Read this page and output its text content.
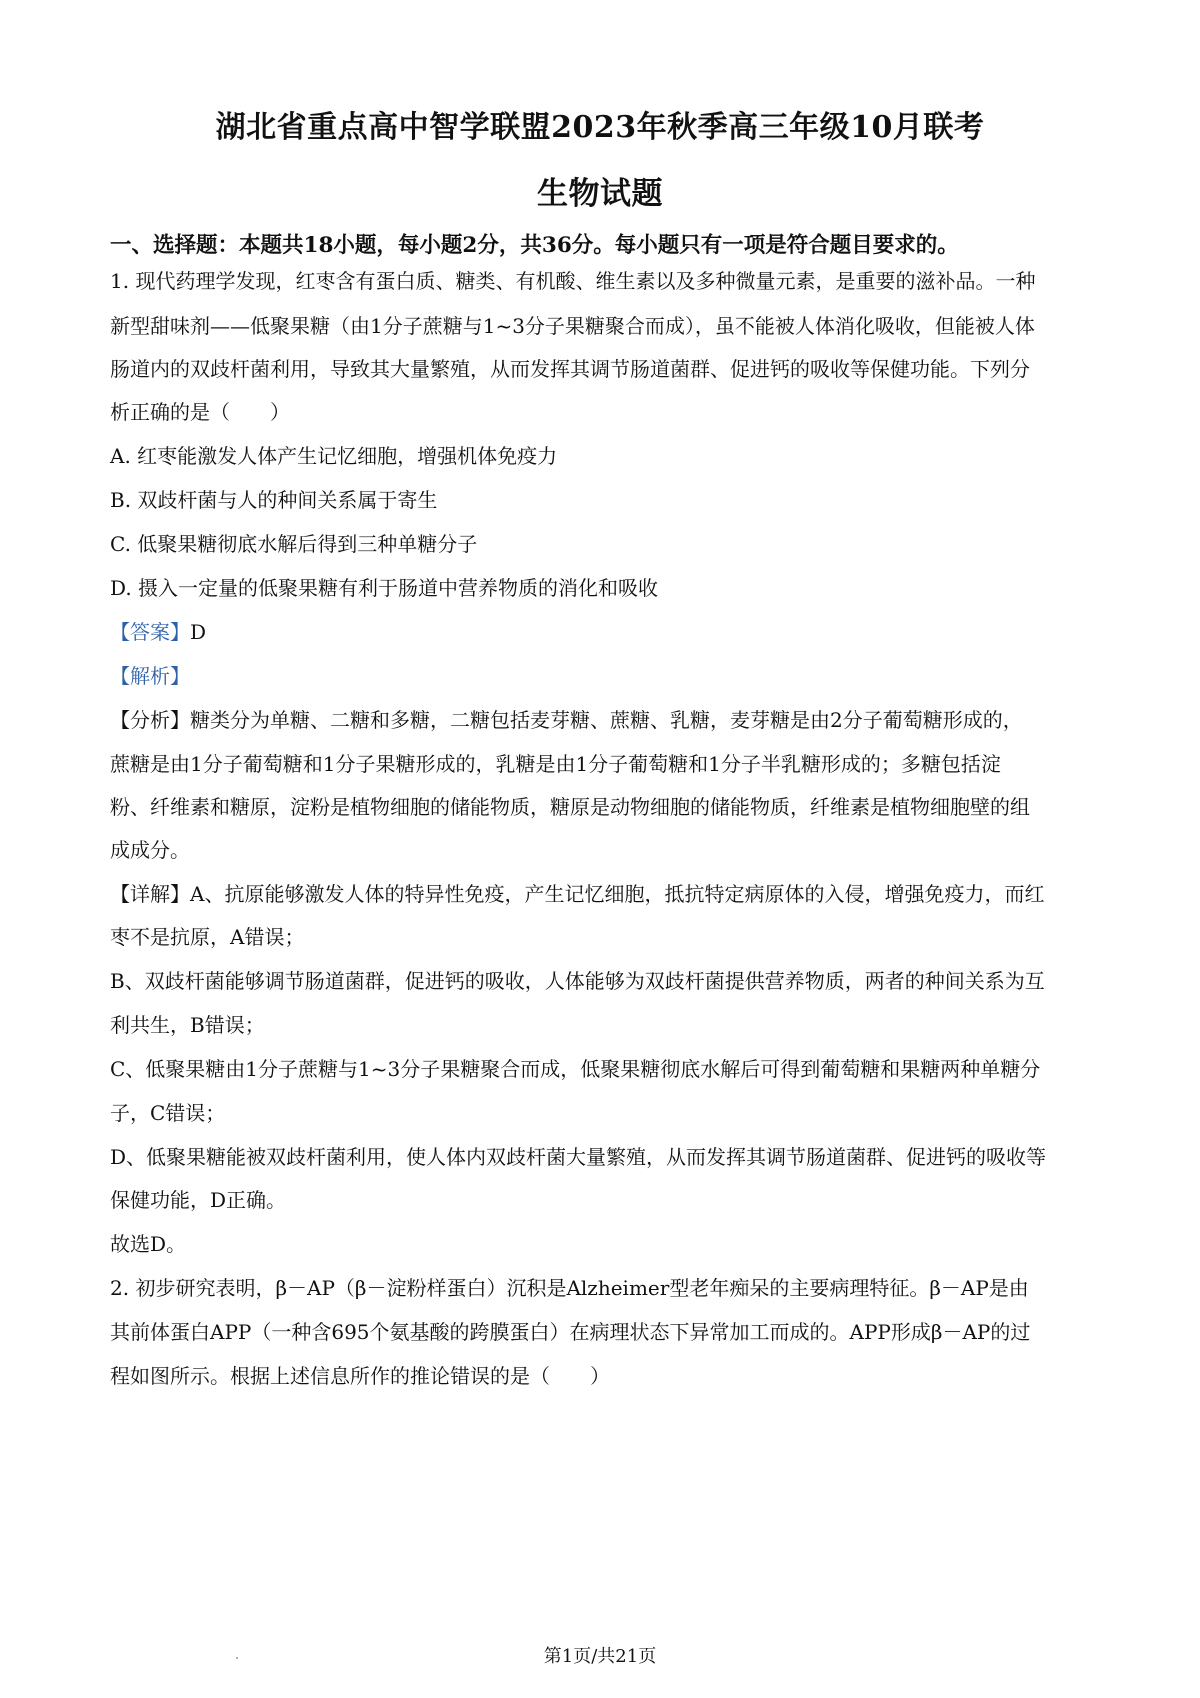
湖北省重点高中智学联盟2023年秋季高三年级10月联考
生物试题
一、选择题：本题共18小题，每小题2分，共36分。每小题只有一项是符合题目要求的。
1. 现代药理学发现，红枣含有蛋白质、糖类、有机酸、维生素以及多种微量元素，是重要的滋补品。一种
新型甜味剂——低聚果糖（由1分子蔗糖与1~3分子果糖聚合而成），虽不能被人体消化吸收，但能被人体
肠道内的双歧杆菌利用，导致其大量繁殖，从而发挥其调节肠道菌群、促进钙的吸收等保健功能。下列分
析正确的是（　　）
A. 红枣能激发人体产生记忆细胞，增强机体免疫力
B. 双歧杆菌与人的种间关系属于寄生
C. 低聚果糖彻底水解后得到三种单糖分子
D. 摄入一定量的低聚果糖有利于肠道中营养物质的消化和吸收
【答案】D
【解析】
【分析】糖类分为单糖、二糖和多糖，二糖包括麦芽糖、蔗糖、乳糖，麦芽糖是由2分子葡萄糖形成的，
蔗糖是由1分子葡萄糖和1分子果糖形成的，乳糖是由1分子葡萄糖和1分子半乳糖形成的；多糖包括淀
粉、纤维素和糖原，淀粉是植物细胞的储能物质，糖原是动物细胞的储能物质，纤维素是植物细胞壁的组
成成分。
【详解】A、抗原能够激发人体的特异性免疫，产生记忆细胞，抵抗特定病原体的入侵，增强免疫力，而红
枣不是抗原，A错误；
B、双歧杆菌能够调节肠道菌群，促进钙的吸收，人体能够为双歧杆菌提供营养物质，两者的种间关系为互
利共生，B错误；
C、低聚果糖由1分子蔗糖与1~3分子果糖聚合而成，低聚果糖彻底水解后可得到葡萄糖和果糖两种单糖分
子，C错误；
D、低聚果糖能被双歧杆菌利用，使人体内双歧杆菌大量繁殖，从而发挥其调节肠道菌群、促进钙的吸收等
保健功能，D正确。
故选D。
2. 初步研究表明，β－AP（β－淀粉样蛋白）沉积是Alzheimer型老年痴呆的主要病理特征。β－AP是由
其前体蛋白APP（一种含695个氨基酸的跨膜蛋白）在病理状态下异常加工而成的。APP形成β－AP的过
程如图所示。根据上述信息所作的推论错误的是（　　）
第1页/共21页
